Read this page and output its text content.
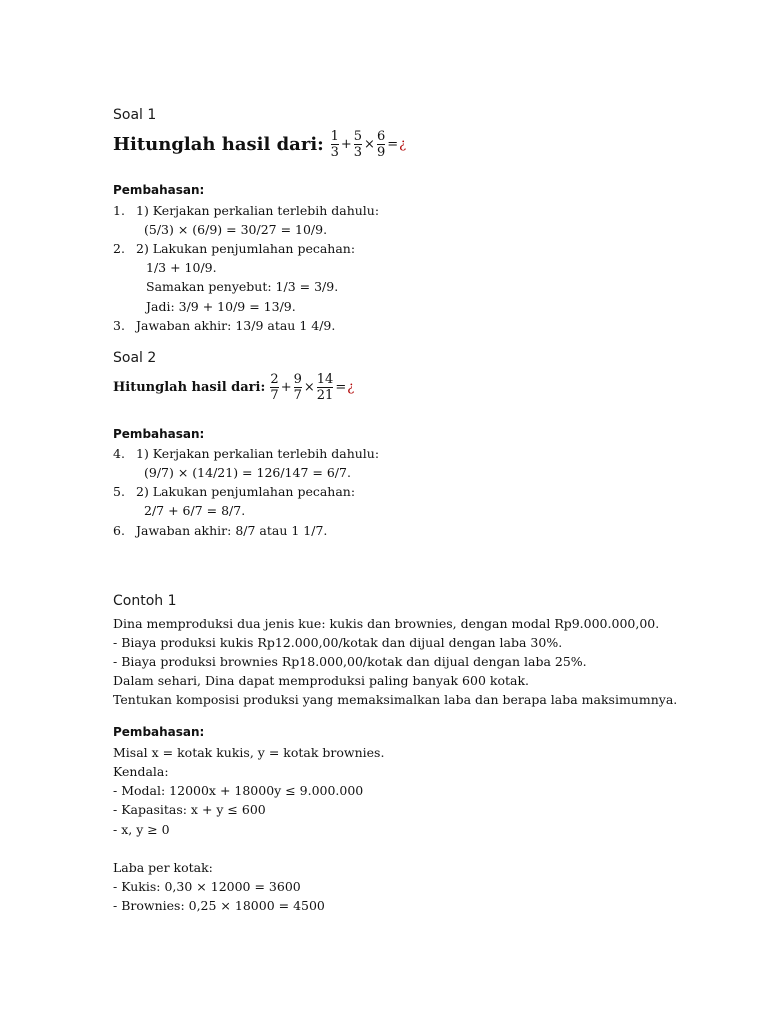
Soal 1
Hitunglah hasil dari:
$\frac{1}{3} + \frac{5}{3} \times \frac{6}{9}$ = ¿
Pembahasan:
1. 1) Kerjakan perkalian terlebih dahulu:
(5/3) × (6/9) = 30/27 = 10/9.
2. 2) Lakukan penjumlahan pecahan:
1/3 + 10/9.
Samakan penyebut: 1/3 = 3/9.
Jadi: 3/9 + 10/9 = 13/9.
3. Jawaban akhir: 13/9 atau 1 4/9.
Soal 2
Hitunglah hasil dari:
$\frac{2}{7} + \frac{9}{7} \times \frac{14}{21}$ = ¿
Pembahasan:
4. 1) Kerjakan perkalian terlebih dahulu:
(9/7) × (14/21) = 126/147 = 6/7.
5. 2) Lakukan penjumlahan pecahan:
2/7 + 6/7 = 8/7.
6. Jawaban akhir: 8/7 atau 1 1/7.
Contoh 1
Dina memproduksi dua jenis kue: kukis dan brownies, dengan modal Rp9.000.000,00.
- Biaya produksi kukis Rp12.000,00/kotak dan dijual dengan laba 30%.
- Biaya produksi brownies Rp18.000,00/kotak dan dijual dengan laba 25%.
Dalam sehari, Dina dapat memproduksi paling banyak 600 kotak.
Tentukan komposisi produksi yang memaksimalkan laba dan berapa laba maksimumnya.
Pembahasan:
Misal x = kotak kukis, y = kotak brownies.
Kendala:
- Modal: 12000x + 18000y ≤ 9.000.000
- Kapasitas: x + y ≤ 600
- x, y ≥ 0
Laba per kotak:
- Kukis: 0,30 × 12000 = 3600
- Brownies: 0,25 × 18000 = 4500
